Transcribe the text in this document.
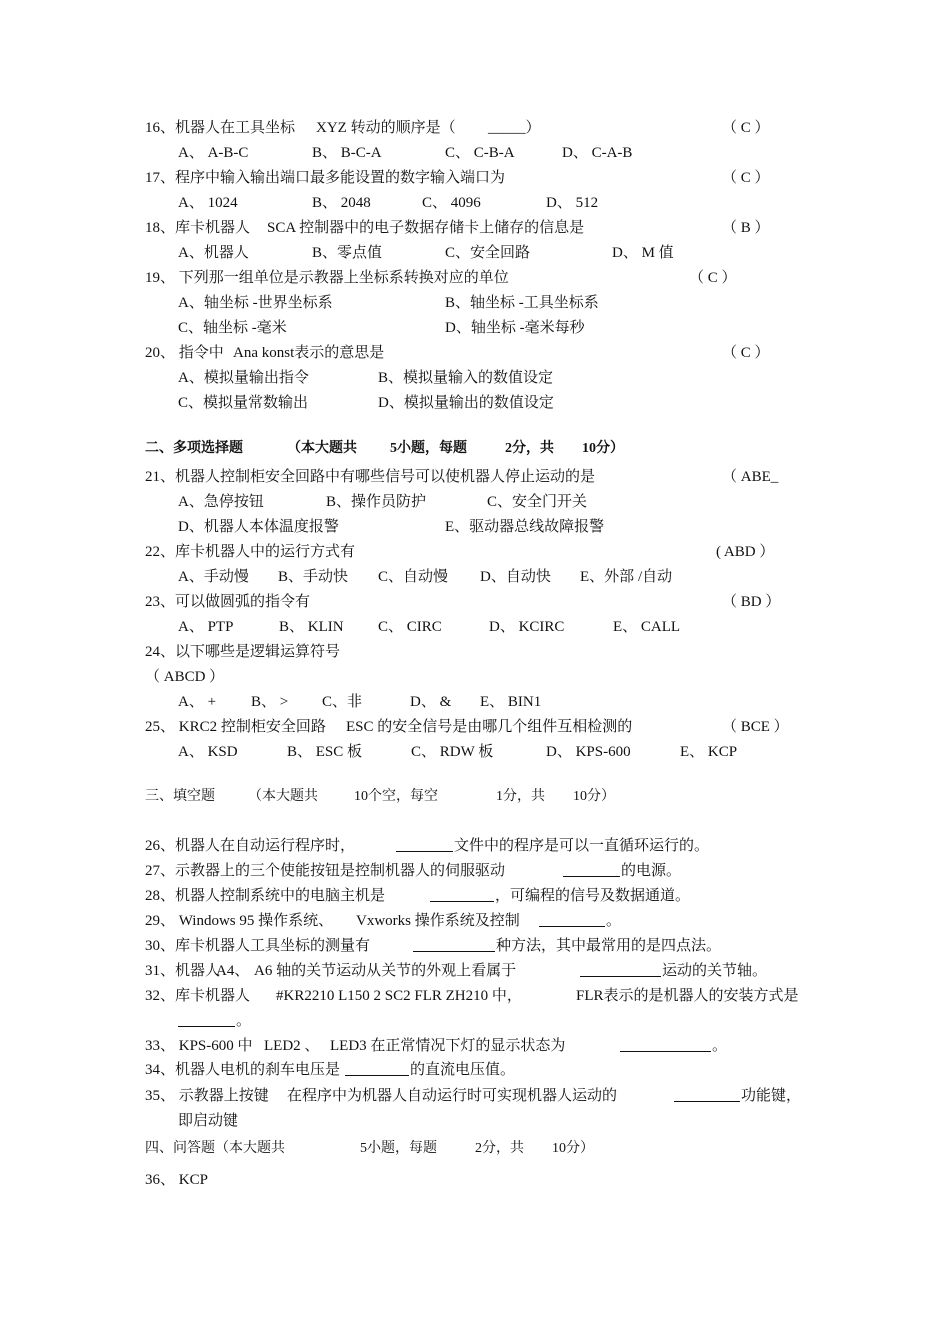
16、机器人在工具坐标 XYZ 转动的顺序是（ _____）	（ C ）
A、 A-B-C	B、 B-C-A	C、 C-B-A	D、 C-A-B
17、程序中输入输出端口最多能设置的数字输入端口为	（ C ）
A、 1024	B、 2048	C、 4096	D、 512
18、库卡机器人 SCA 控制器中的电子数据存储卡上储存的信息是	（ B ）
A、机器人	B、零点值	C、安全回路	D、 M 值
19、 下列那一组单位是示教器上坐标系转换对应的单位	（ C ）
A、轴坐标 -世界坐标系	B、轴坐标 -工具坐标系
C、轴坐标 -毫米	D、轴坐标 -毫米每秒
20、 指令中 Ana konst表示的意思是	（ C ）
A、模拟量输出指令	B、模拟量输入的数值设定
C、模拟量常数输出	D、模拟量输出的数值设定
二、多项选择题	（本大题共 5小题，每题	2分，共 10分）
21、机器人控制柜安全回路中有哪些信号可以使机器人停止运动的是	（ ABE_
A、急停按钮	B、操作员防护	C、安全门开关
D、机器人本体温度报警	E、驱动器总线故障报警
22、库卡机器人中的运行方式有	( ABD ）
A、手动慢 B、手动快 C、自动慢 D、自动快 E、外部 /自动
23、可以做圆弧的指令有	（ BD ）
A、 PTP	B、 KLIN C、 CIRC	D、 KCIRC	E、 CALL
24、以下哪些是逻辑运算符号
（ ABCD ）
A、 + B、 > C、非	D、 & E、 BIN1
25、 KRC2 控制柜安全回路 ESC 的安全信号是由哪几个组件互相检测的	（ BCE ）
A、 KSD	B、 ESC 板	C、 RDW 板	D、 KPS-600	E、 KCP
三、填空题 （本大题共	10个空，每空	1分，共 10分）
26、机器人在自动运行程序时，	文件中的程序是可以一直循环运行的。
27、示教器上的三个使能按钮是控制机器人的伺服驱动	的电源。
28、机器人控制系统中的电脑主机是	，可编程的信号及数据通道。
29、 Windows 95 操作系统、 Vxworks 操作系统及控制	。
30、库卡机器人工具坐标的测量有	种方法，其中最常用的是四点法。
31、机器人
A4、 A6 轴的关节运动从关节的外观上看属于	运动的关节轴。
32、库卡机器人 #KR2210 L150 2 SC2 FLR ZH210 中，	FLR表示的是机器人的安装方式是
。
33、 KPS-600 中 LED2 、 LED3 在正常情况下灯的显示状态为	。
34、机器人电机的刹车电压是	的直流电压值。
35、 示教器上按键 在程序中为机器人自动运行时可实现机器人运动的	功能键，
即启动键
四、问答题（本大题共	5小题，每题	2分，共 10分）
36、 KCP
